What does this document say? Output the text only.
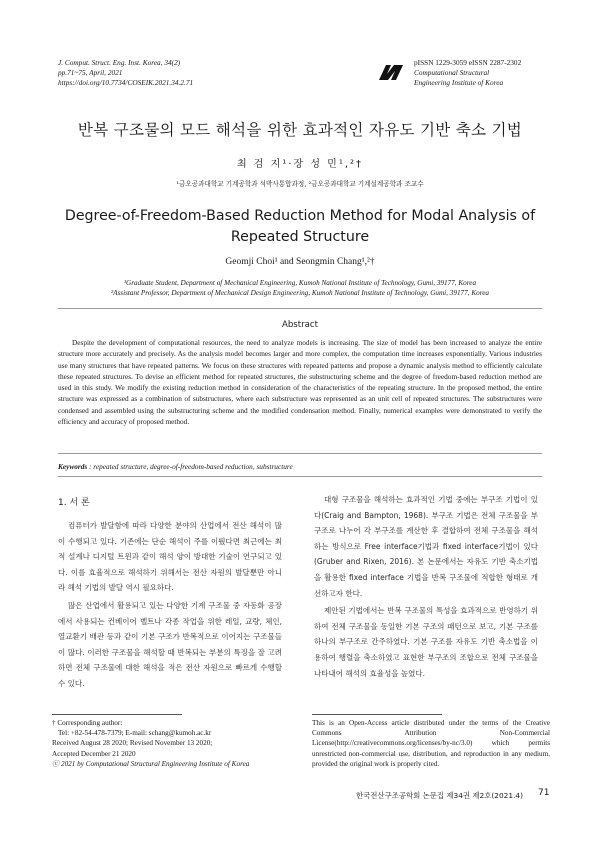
J. Comput. Struct. Eng. Inst. Korea, 34(2)
pp.71~75, April, 2021
https://doi.org/10.7734/COSEIK.2021.34.2.71
pISSN 1229-3059 eISSN 2287-2302
Computational Structural
Engineering Institute of Korea
반복 구조물의 모드 해석을 위한 효과적인 자유도 기반 축소 기법
최 검 지¹·장 성 민¹,²†
¹금오공과대학교 기계공학과 석박사통합과정, ²금오공과대학교 기계설계공학과 조교수
Degree-of-Freedom-Based Reduction Method for Modal Analysis of Repeated Structure
Geomji Choi¹ and Seongmin Chang¹,²†
¹Graduate Student, Department of Mechanical Engineering, Kumoh National Institute of Technology, Gumi, 39177, Korea
²Assistant Professor, Department of Mechanical Design Engineering, Kumoh National Institute of Technology, Gumi, 39177, Korea
Abstract
Despite the development of computational resources, the need to analyze models is increasing. The size of model has been increased to analyze the entire structure more accurately and precisely. As the analysis model becomes larger and more complex, the computation time increases exponentially. Various industries use many structures that have repeated patterns. We focus on these structures with repeated patterns and propose a dynamic analysis method to efficiently calculate these repeated structures. To devise an efficient method for repeated structures, the substructuring scheme and the degree of freedom-based reduction method are used in this study. We modify the existing reduction method in consideration of the characteristics of the repeating structure. In the proposed method, the entire structure was expressed as a combination of substructures, where each substructure was represented as an unit cell of repeated structures. The substructures were condensed and assembled using the substructuring scheme and the modified condensation method. Finally, numerical examples were demonstrated to verify the efficiency and accuracy of proposed method.
Keywords : repeated structure, degree-of-freedom-based reduction, substructure
1. 서 론

컴퓨터가 발달함에 따라 다양한 분야의 산업에서 전산 해석이 많이 수행되고 있다. 기존에는 단순 해석이 주를 이뤘다면 최근에는 최적 설계나 디지털 트윈과 같이 해석 양이 방대한 기술이 연구되고 있다. 이를 효율적으로 해석하기 위해서는 전산 자원의 발달뿐만 아니라 해석 기법의 발달 역시 필요하다.

많은 산업에서 활용되고 있는 다양한 기계 구조물 중 자동화 공장에서 사용되는 컨베이어 벨트나 각종 작업을 위한 레일, 교량, 체인, 열교환기 배관 등과 같이 기본 구조가 반복적으로 이어지는 구조물들이 많다. 이러한 구조물을 해석할 때 반복되는 부분의 특징을 잘 고려하면 전체 구조물에 대한 해석을 적은 전산 자원으로 빠르게 수행할 수 있다.

대형 구조물을 해석하는 효과적인 기법 중에는 부구조 기법이 있다(Craig and Bampton, 1968). 부구조 기법은 전체 구조물을 부구조로 나누어 각 부구조를 계산한 후 결합하여 전체 구조물을 해석하는 방식으로 Free interface기법과 fixed interface기법이 있다(Gruber and Rixen, 2016). 본 논문에서는 자유도 기반 축소기법을 활용한 fixed interface 기법을 반복 구조물에 적합한 형태로 개선하고자 한다.

제안된 기법에서는 반복 구조물의 특성을 효과적으로 반영하기 위하여 전체 구조물을 동일한 기본 구조의 패턴으로 보고, 기본 구조를 하나의 부구조로 간주하였다. 기본 구조를 자유도 기반 축소법을 이용하여 행렬을 축소하였고 표현한 부구조의 조합으로 전체 구조물을 나타내어 해석의 효율성을 높였다.

† Corresponding author:
Tel: +82-54-478-7379; E-mail: schang@kumoh.ac.kr
Received August 28 2020; Revised November 13 2020;
Accepted December 21 2020
ⓒ 2021 by Computational Structural Engineering Institute of Korea
This is an Open-Access article distributed under the terms of the Creative Commons Attribution Non-Commercial License(http://creativecommons.org/licenses/by-nc/3.0) which permits unrestricted non-commercial use, distribution, and reproduction in any medium, provided the original work is properly cited.
한국전산구조공학회 논문집 제34권 제2호(2021.4) 71
